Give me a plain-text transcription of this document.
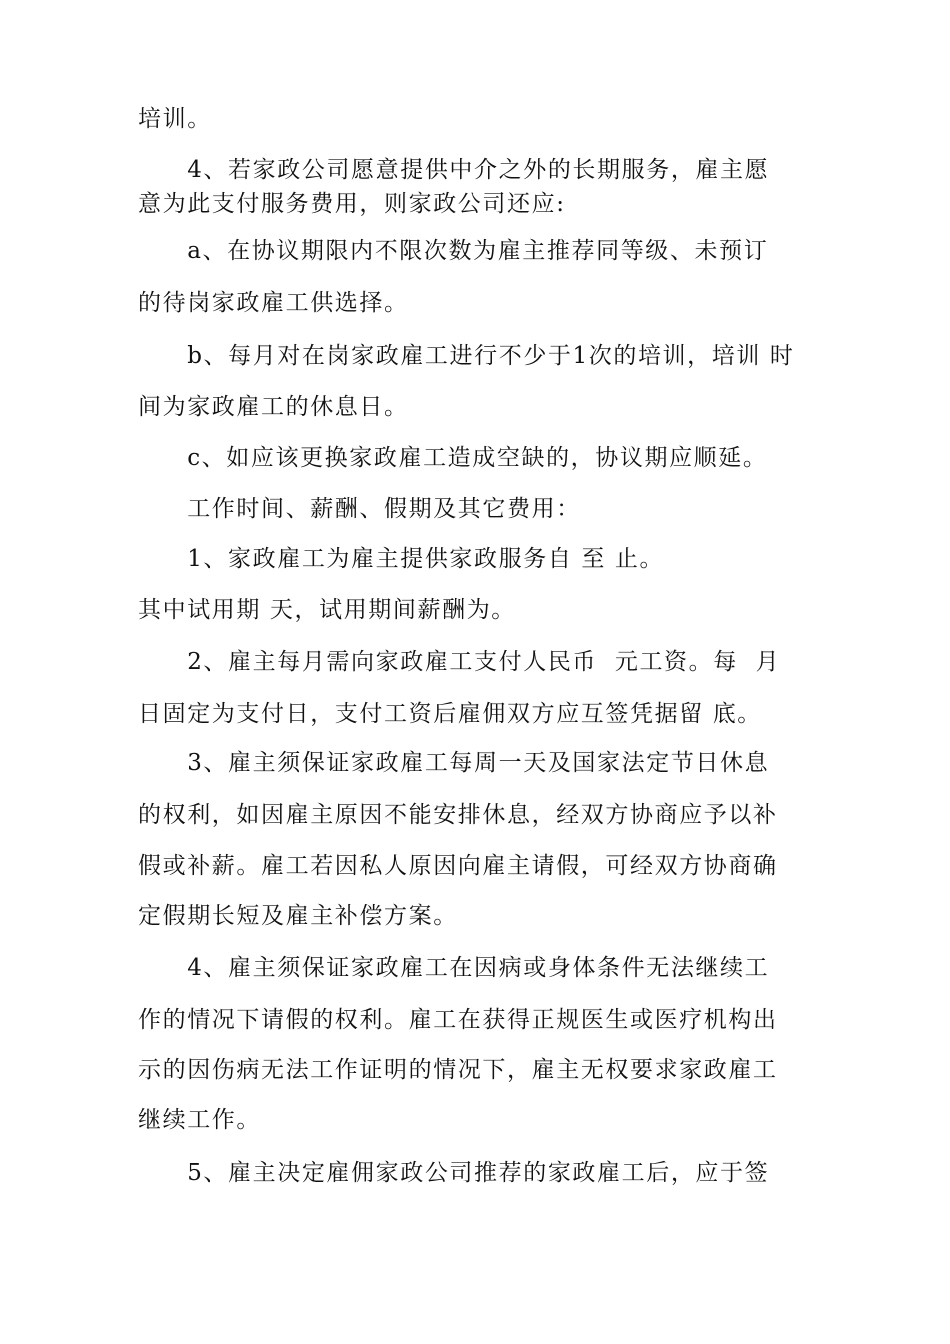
培训。
　　4、若家政公司愿意提供中介之外的长期服务，雇主愿
意为此支付服务费用，则家政公司还应:
　　a、在协议期限内不限次数为雇主推荐同等级、未预订
的待岗家政雇工供选择。
　　b、每月对在岗家政雇工进行不少于1次的培训，培训 时
间为家政雇工的休息日。
　　c、如应该更换家政雇工造成空缺的，协议期应顺延。
　　工作时间、薪酬、假期及其它费用：
　　1、家政雇工为雇主提供家政服务自 至 止。
其中试用期 天，试用期间薪酬为。
　　2、雇主每月需向家政雇工支付人民币  元工资。每  月
日固定为支付日，支付工资后雇佣双方应互签凭据留 底。
　　3、雇主须保证家政雇工每周一天及国家法定节日休息
的权利，如因雇主原因不能安排休息，经双方协商应予以补
假或补薪。雇工若因私人原因向雇主请假，可经双方协商确
定假期长短及雇主补偿方案。
　　4、雇主须保证家政雇工在因病或身体条件无法继续工
作的情况下请假的权利。雇工在获得正规医生或医疗机构出
示的因伤病无法工作证明的情况下，雇主无权要求家政雇工
继续工作。
　　5、雇主决定雇佣家政公司推荐的家政雇工后，应于签
